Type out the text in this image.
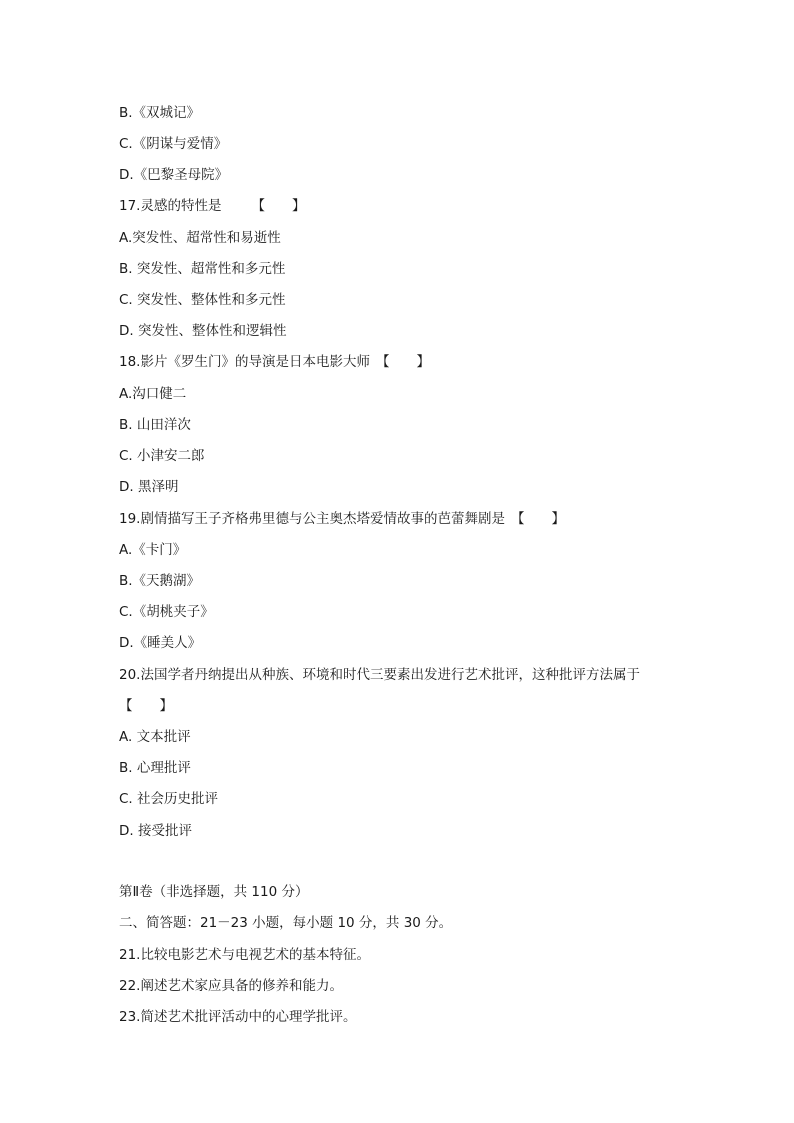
B.《双城记》
C.《阴谋与爱情》
D.《巴黎圣母院》
17.灵感的特性是 【　　】
A.突发性、超常性和易逝性
B. 突发性、超常性和多元性
C. 突发性、整体性和多元性
D. 突发性、整体性和逻辑性
18.影片《罗生门》的导演是日本电影大师 【　　】
A.沟口健二
B. 山田洋次
C. 小津安二郎
D. 黑泽明
19.剧情描写王子齐格弗里德与公主奥杰塔爱情故事的芭蕾舞剧是 【　　】
A.《卡门》
B.《天鹅湖》
C.《胡桃夹子》
D.《睡美人》
20.法国学者丹纳提出从种族、环境和时代三要素出发进行艺术批评，这种批评方法属于
【　　】
A. 文本批评
B. 心理批评
C. 社会历史批评
D. 接受批评
第Ⅱ卷（非选择题，共 110 分）
二、简答题：21－23 小题，每小题 10 分，共 30 分。
21.比较电影艺术与电视艺术的基本特征。
22.阐述艺术家应具备的修养和能力。
23.简述艺术批评活动中的心理学批评。
